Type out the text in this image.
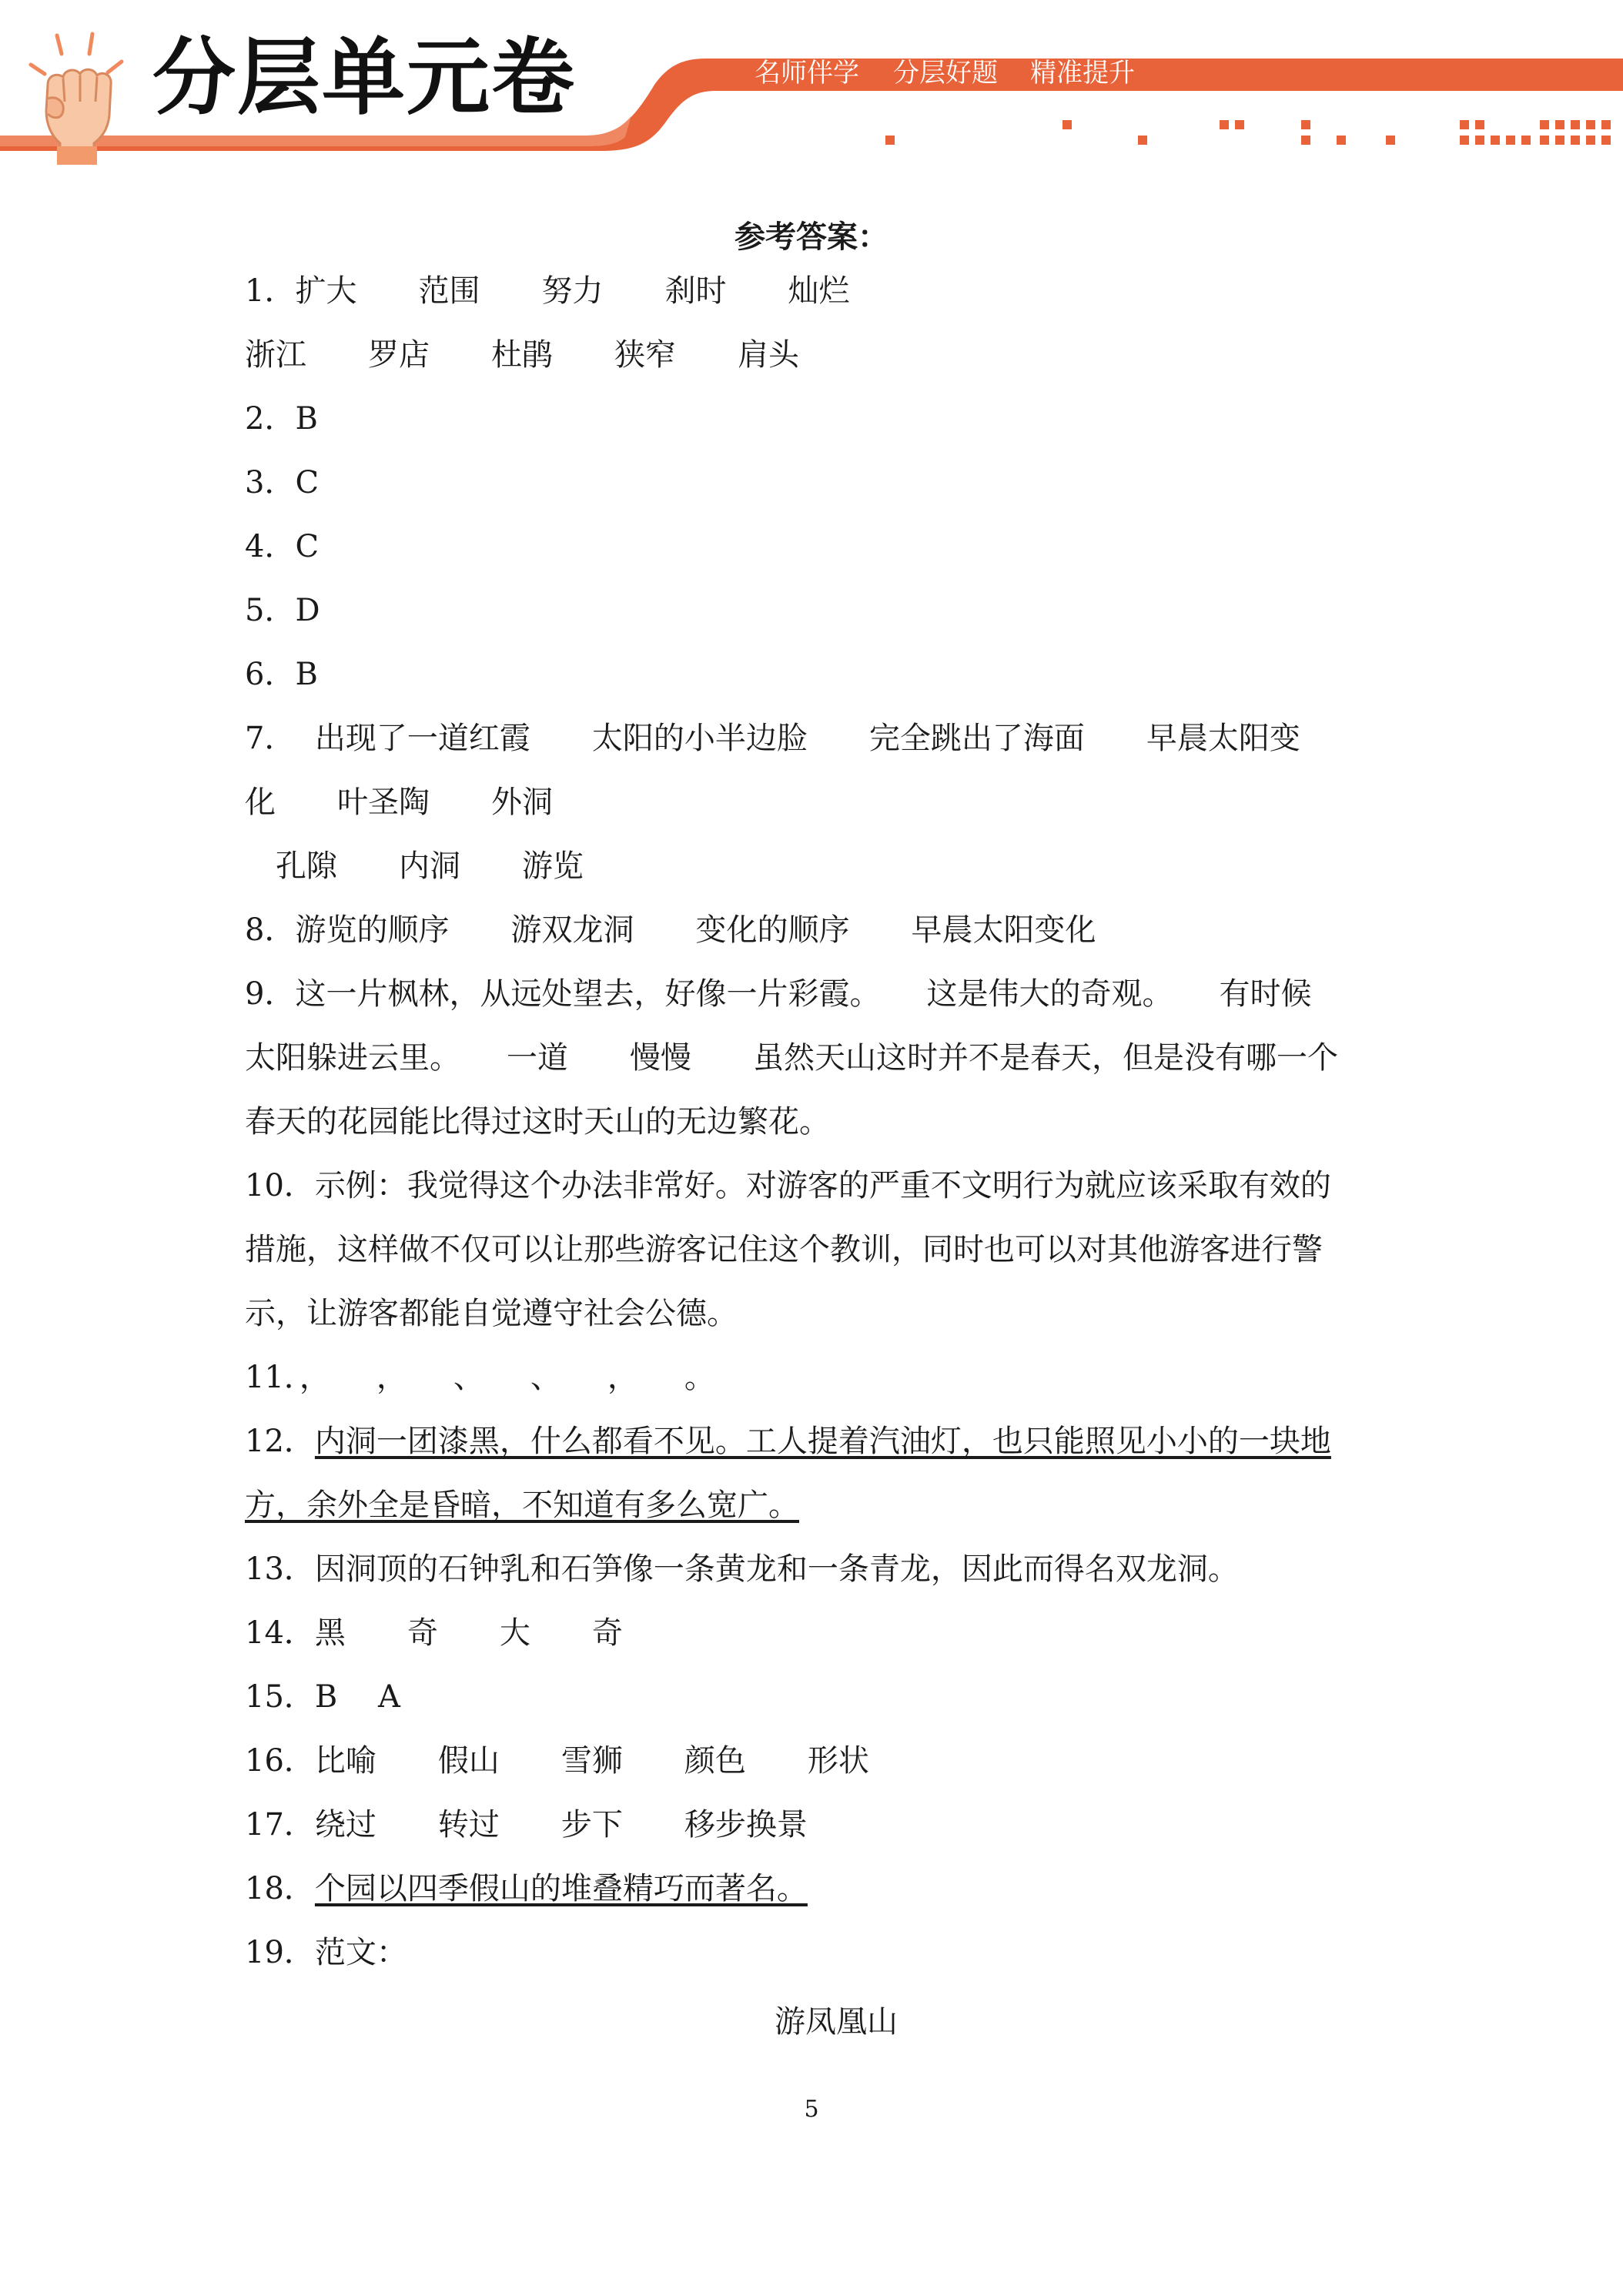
分层单元卷	名师伴学 分层好题 精准提升
参考答案：
1．扩大　　范围　　努力　　刹时　　灿烂
浙江　　罗店　　杜鹃　　狭窄　　肩头
2．B
3．C
4．C
5．D
6．B
7．  出现了一道红霞　　太阳的小半边脸　　完全跳出了海面　　早晨太阳变
化　　叶圣陶　　外洞
　孔隙　　内洞　　游览
8．游览的顺序　　游双龙洞　　变化的顺序　　早晨太阳变化
9．这一片枫林，从远处望去，好像一片彩霞。　　这是伟大的奇观。　　有时候
太阳躲进云里。　　一道　　慢慢　　虽然天山这时并不是春天，但是没有哪一个
春天的花园能比得过这时天山的无边繁花。
10．示例：我觉得这个办法非常好。对游客的严重不文明行为就应该采取有效的
措施，这样做不仅可以让那些游客记住这个教训，同时也可以对其他游客进行警
示，让游客都能自觉遵守社会公德。
11．，　　，　　、　　、　　，　　。
12．内洞一团漆黑，什么都看不见。工人提着汽油灯，也只能照见小小的一块地
方，余外全是昏暗，不知道有多么宽广。
13．因洞顶的石钟乳和石笋像一条黄龙和一条青龙，因此而得名双龙洞。
14．黑　　奇　　大　　奇
15．B　 A
16．比喻　　假山　　雪狮　　颜色　　形状
17．绕过　　转过　　步下　　移步换景
18．个园以四季假山的堆叠精巧而著名。
19．范文：
游凤凰山
5
